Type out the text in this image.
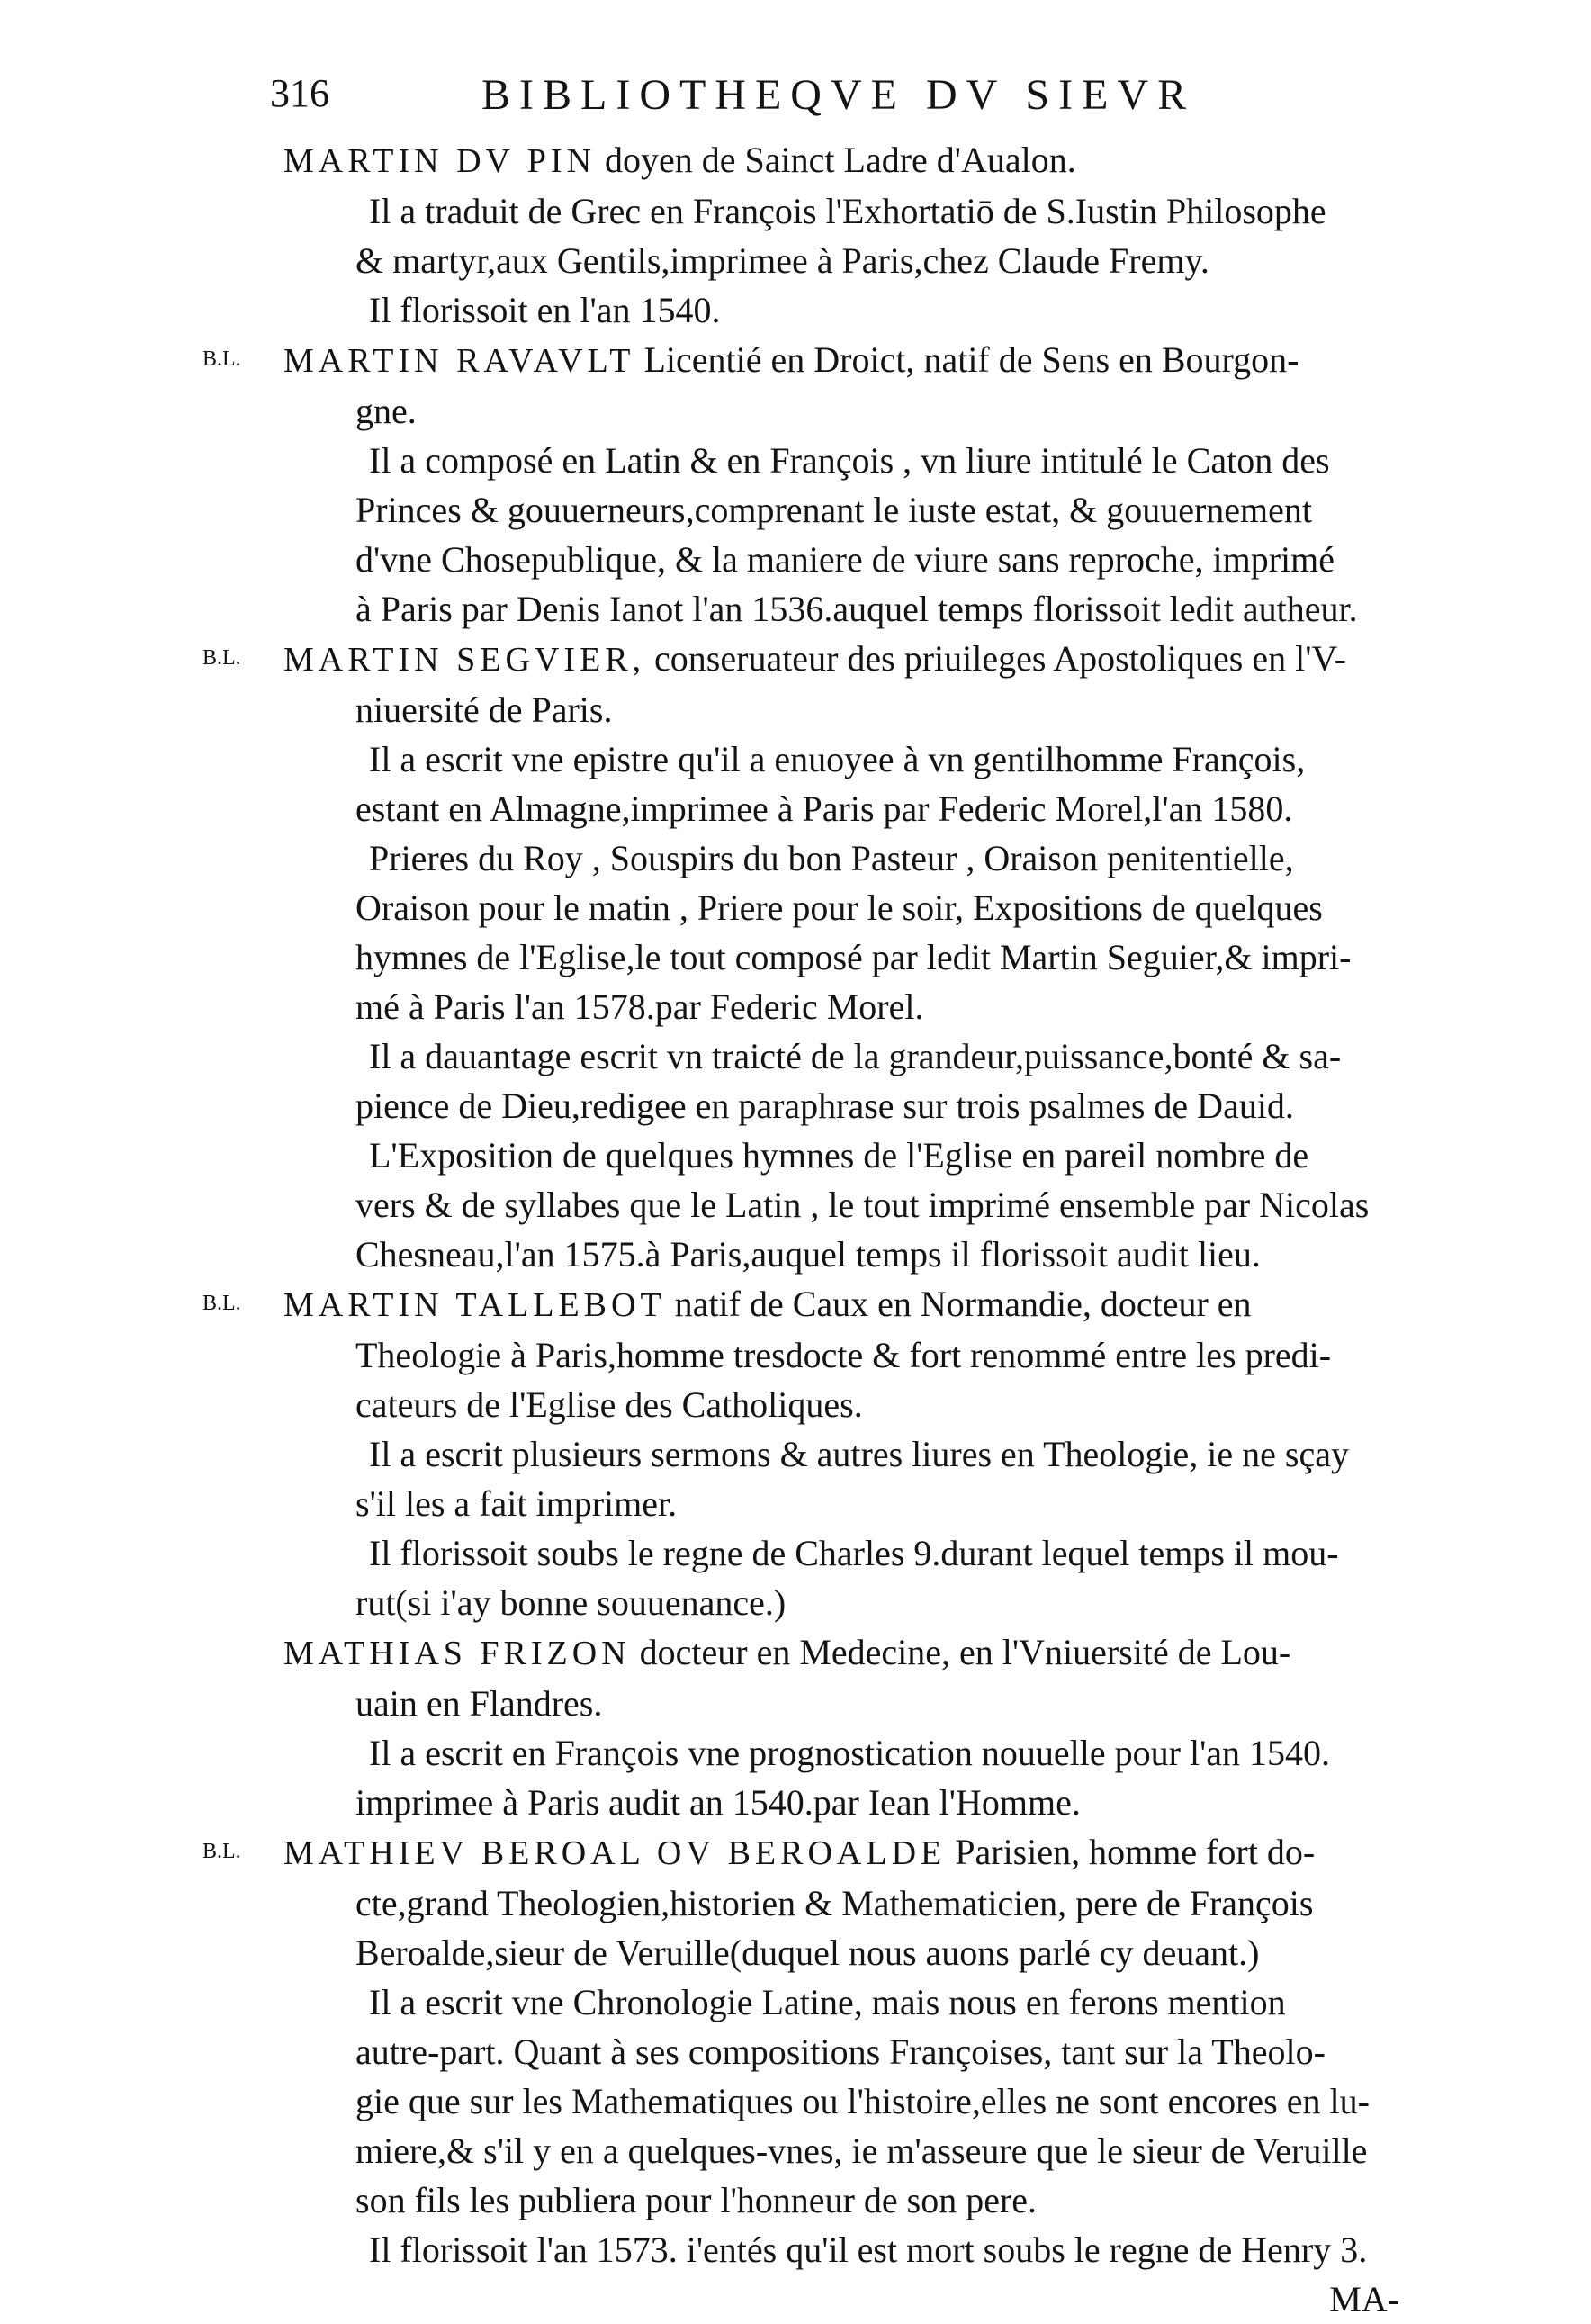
316	BIBLIOTHEQVE DV SIEVR
MARTIN DV PIN doyen de Sainct Ladre d'Aualon.
Il a traduit de Grec en François l'Exhortatiō de S.Iustin Philosophe
& martyr,aux Gentils,imprimee à Paris,chez Claude Fremy.
Il florissoit en l'an 1540.
B.L. MARTIN RAVAVLT Licentié en Droict, natif de Sens en Bourgon-
gne.
Il a composé en Latin & en François , vn liure intitulé le Caton des
Princes & gouuerneurs,comprenant le iuste estat, & gouuernement
d'vne Chosepublique, & la maniere de viure sans reproche, imprimé
à Paris par Denis Ianot l'an 1536.auquel temps florissoit ledit autheur.
B.L. MARTIN SEGVIER, conseruateur des priuileges Apostoliques en l'V-
niuersité de Paris.
Il a escrit vne epistre qu'il a enuoyee à vn gentilhomme François,
estant en Almagne,imprimee à Paris par Federic Morel,l'an 1580.
Prieres du Roy , Souspirs du bon Pasteur , Oraison penitentielle,
Oraison pour le matin , Priere pour le soir, Expositions de quelques
hymnes de l'Eglise,le tout composé par ledit Martin Seguier,& impri-
mé à Paris l'an 1578.par Federic Morel.
Il a dauantage escrit vn traicté de la grandeur,puissance,bonté & sa-
pience de Dieu,redigee en paraphrase sur trois psalmes de Dauid.
L'Exposition de quelques hymnes de l'Eglise en pareil nombre de
vers & de syllabes que le Latin , le tout imprimé ensemble par Nicolas
Chesneau,l'an 1575.à Paris,auquel temps il florissoit audit lieu.
B.L. MARTIN TALLEBOT natif de Caux en Normandie, docteur en
Theologie à Paris,homme tresdocte & fort renommé entre les predi-
cateurs de l'Eglise des Catholiques.
Il a escrit plusieurs sermons & autres liures en Theologie, ie ne sçay
s'il les a fait imprimer.
Il florissoit soubs le regne de Charles 9.durant lequel temps il mou-
rut(si i'ay bonne souuenance.)
MATHIAS FRIZON docteur en Medecine, en l'Vniuersité de Lou-
uain en Flandres.
Il a escrit en François vne prognostication nouuelle pour l'an 1540.
imprimee à Paris audit an 1540.par Iean l'Homme.
B.L. MATHIEV BEROAL OV BEROALDE Parisien, homme fort do-
cte,grand Theologien,historien & Mathematicien, pere de François
Beroalde,sieur de Veruille(duquel nous auons parlé cy deuant.)
Il a escrit vne Chronologie Latine, mais nous en ferons mention
autre-part. Quant à ses compositions Françoises, tant sur la Theolo-
gie que sur les Mathematiques ou l'histoire,elles ne sont encores en lu-
miere,& s'il y en a quelques-vnes, ie m'asseure que le sieur de Veruille
son fils les publiera pour l'honneur de son pere.
Il florissoit l'an 1573. i'entés qu'il est mort soubs le regne de Henry 3.
MA-
